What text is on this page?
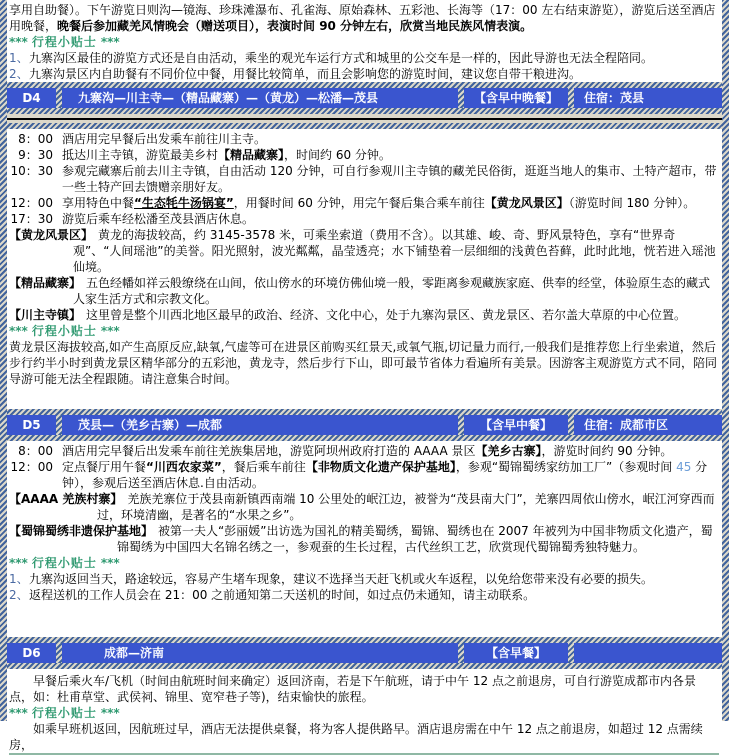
享用自助餐）。下午游览日则沟—镜海、珍珠滩瀑布、孔雀海、原始森林、五彩池、长海等（17：00 左右结束游览），游览后送至酒店用晚餐，晚餐后参加藏羌风情晚会（赠送项目），表演时间 90 分钟左右，欣赏当地民族风情表演。

*** 行程小贴士 ***
1、九寨沟区最佳的游览方式还是自由活动，乘坐的观光车运行方式和城里的公交车是一样的，因此导游也无法全程陪同。
2、九寨沟景区内自助餐有不同价位中餐，用餐比较简单，而且会影响您的游览时间，建议您自带干粮进沟。
D4	九寨沟—川主寺—（精品藏寨）—（黄龙）—松潘—茂县	【含早中晚餐】	住宿：茂县
8：00 酒店用完早餐后出发乘车前往川主寺。
9：30 抵达川主寺镇，游览最美乡村【精品藏寨】，时间约 60 分钟。
10：30 参观完藏寨后前去川主寺镇，自由活动 120 分钟，可自行参观川主寺镇的藏羌民俗街，逛逛当地人的集市、土特产超市，带一些土特产回去馈赠亲朋好友。
12：00 享用特色中餐“生态牦牛汤锅宴”，用餐时间 60 分钟，用完午餐后集合乘车前往【黄龙风景区】（游览时间 180 分钟）。
17：30 游览后乘车经松潘至茂县酒店休息。
【黄龙风景区】 黄龙的海拔较高，约 3145-3578 米，可乘坐索道（费用不含）。以其雄、峻、奇、野风景特色，享有“世界奇观”、“人间瑶池”的美誉。阳光照射，波光粼粼，晶莹透亮；水下铺垫着一层细细的浅黄色苔藓，此时此地，恍若进入瑶池仙境。
【精品藏寨】 五色经幡如祥云般缭绕在山间，依山傍水的环境仿佛仙境一般，零距离参观藏族家庭、供奉的经堂，体验原生态的藏式人家生活方式和宗教文化。
【川主寺镇】 这里曾是整个川西北地区最早的政治、经济、文化中心，处于九寨沟景区、黄龙景区、若尔盖大草原的中心位置。
*** 行程小贴士 ***

黄龙景区海拔较高,如产生高原反应,缺氧,气虚等可在进景区前购买红景天,或氧气瓶,切记量力而行,一般我们是推荐您上行坐索道，然后步行约半小时到黄龙景区精华部分的五彩池，黄龙寺，然后步行下山，即可最节省体力看遍所有美景。因游客主观游览方式不同，陪同导游可能无法全程跟随。请注意集合时间。

D5	茂县—（羌乡古寨）—成都	【含早中餐】	住宿：成都市区
8：00 酒店用完早餐后出发乘车前往羌族集居地，游览阿坝州政府打造的 AAAA 景区【羌乡古寨】，游览时间约 90 分钟。
12：00 定点餐厅用午餐“川西农家菜”，餐后乘车前往【非物质文化遗产保护基地】，参观“蜀锦蜀绣家纺加工厂”（参观时间 45 分钟），参观后送至酒店休息.自由活动。
【AAAA 羌族村寨】 羌族羌寨位于茂县南新镇西南端 10 公里处的岷江边，被誉为“茂县南大门”，羌寨四周依山傍水，岷江河穿西而过，环境清幽，是著名的“水果之乡”。
【蜀锦蜀绣非遗保护基地】 被第一夫人“彭丽媛”出访选为国礼的精美蜀绣，蜀锦、蜀绣也在 2007 年被列为中国非物质文化遗产，蜀锦蜀绣为中国四大名锦名绣之一，参观蚕的生长过程，古代丝织工艺，欣赏现代蜀锦蜀秀独特魅力。
*** 行程小贴士 ***
1、九寨沟返回当天，路途较远，容易产生堵车现象，建议不选择当天赶飞机或火车返程，以免给您带来没有必要的损失。
2、返程送机的工作人员会在 21：00 之前通知第二天送机的时间，如过点仍未通知，请主动联系。
D6	成都—济南	【含早餐】

早餐后乘火车/飞机（时间由航班时间来确定）返回济南，若是下午航班，请于中午 12 点之前退房，可自行游览成都市内各景点，如：杜甫草堂、武侯祠、锦里、宽窄巷子等)，结束愉快的旅程。

*** 行程小贴士 ***

如乘早班机返回，因航班过早，酒店无法提供桌餐，将为客人提供路早。酒店退房需在中午 12 点之前退房，如超过 12 点需续房，
